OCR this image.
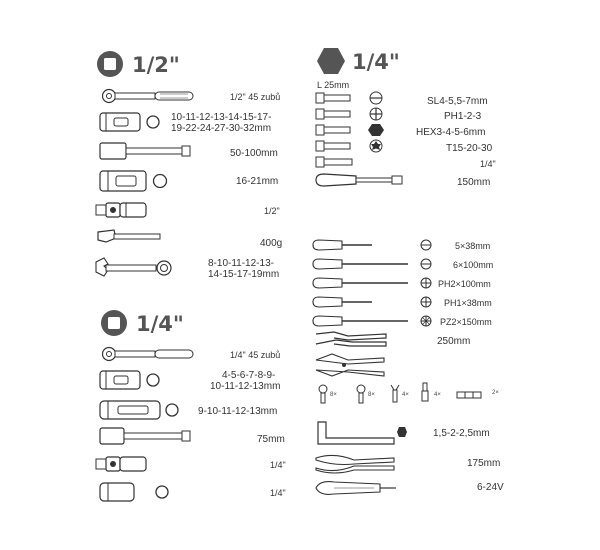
1/2"
1/2" 45 zubů
10-11-12-13-14-15-17-
19-22-24-27-30-32mm
50-100mm
16-21mm
1/2"
400g
8-10-11-12-13-
14-15-17-19mm
1/4"
1/4" 45 zubů
4-5-6-7-8-9-
10-11-12-13mm
9-10-11-12-13mm
75mm
1/4"
1/4"
1/4"
L 25mm
SL4-5,5-7mm
PH1-2-3
HEX3-4-5-6mm
T15-20-30
1/4"
150mm
5×38mm
6×100mm
PH2×100mm
PH1×38mm
PZ2×150mm
250mm
8×	8×	4×	4×	2×
1,5-2-2,5mm
175mm
6-24V
